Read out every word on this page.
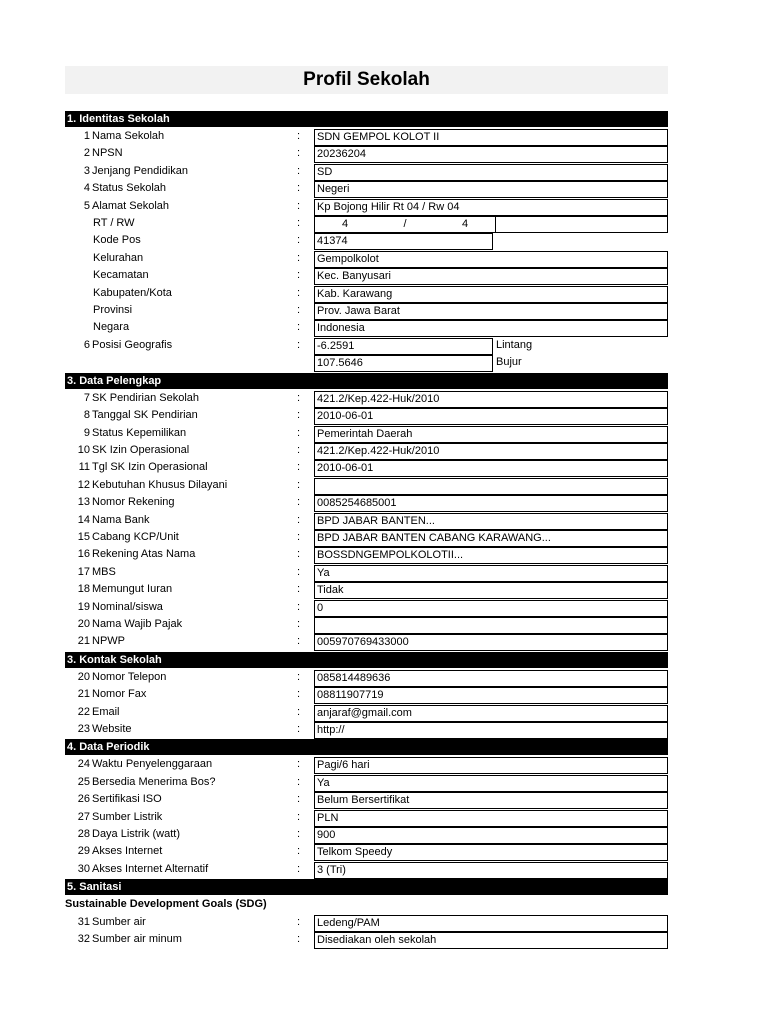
Profil Sekolah
1. Identitas Sekolah
1 Nama Sekolah	: SDN GEMPOL KOLOT II
2 NPSN	: 20236204
3 Jenjang Pendidikan	: SD
4 Status Sekolah	: Negeri
5 Alamat Sekolah	: Kp Bojong Hilir Rt 04 / Rw 04
RT / RW	:	4	/	4
Kode Pos	: 41374
Kelurahan	: Gempolkolot
Kecamatan	: Kec. Banyusari
Kabupaten/Kota	: Kab. Karawang
Provinsi	: Prov. Jawa Barat
Negara	: Indonesia
6 Posisi Geografis	: -6.2591	Lintang
107.5646	Bujur
3. Data Pelengkap
7 SK Pendirian Sekolah	: 421.2/Kep.422-Huk/2010
8 Tanggal SK Pendirian	: 2010-06-01
9 Status Kepemilikan	: Pemerintah Daerah
10 SK Izin Operasional	: 421.2/Kep.422-Huk/2010
11 Tgl SK Izin Operasional	: 2010-06-01
12 Kebutuhan Khusus Dilayani	:
13 Nomor Rekening	: 0085254685001
14 Nama Bank	: BPD JABAR BANTEN...
15 Cabang KCP/Unit	: BPD JABAR BANTEN CABANG KARAWANG...
16 Rekening Atas Nama	: BOSSDNGEMPOLKOLOTII...
17 MBS	: Ya
18 Memungut Iuran	: Tidak
19 Nominal/siswa	: 0
20 Nama Wajib Pajak	:
21 NPWP	: 005970769433000
3. Kontak Sekolah
20 Nomor Telepon	: 085814489636
21 Nomor Fax	: 08811907719
22 Email	: anjaraf@gmail.com
23 Website	: http://
4. Data Periodik
24 Waktu Penyelenggaraan	: Pagi/6 hari
25 Bersedia Menerima Bos?	: Ya
26 Sertifikasi ISO	: Belum Bersertifikat
27 Sumber Listrik	: PLN
28 Daya Listrik (watt)	: 900
29 Akses Internet	: Telkom Speedy
30 Akses Internet Alternatif	: 3 (Tri)
5. Sanitasi
Sustainable Development Goals (SDG)
31 Sumber air	: Ledeng/PAM
32 Sumber air minum	: Disediakan oleh sekolah
